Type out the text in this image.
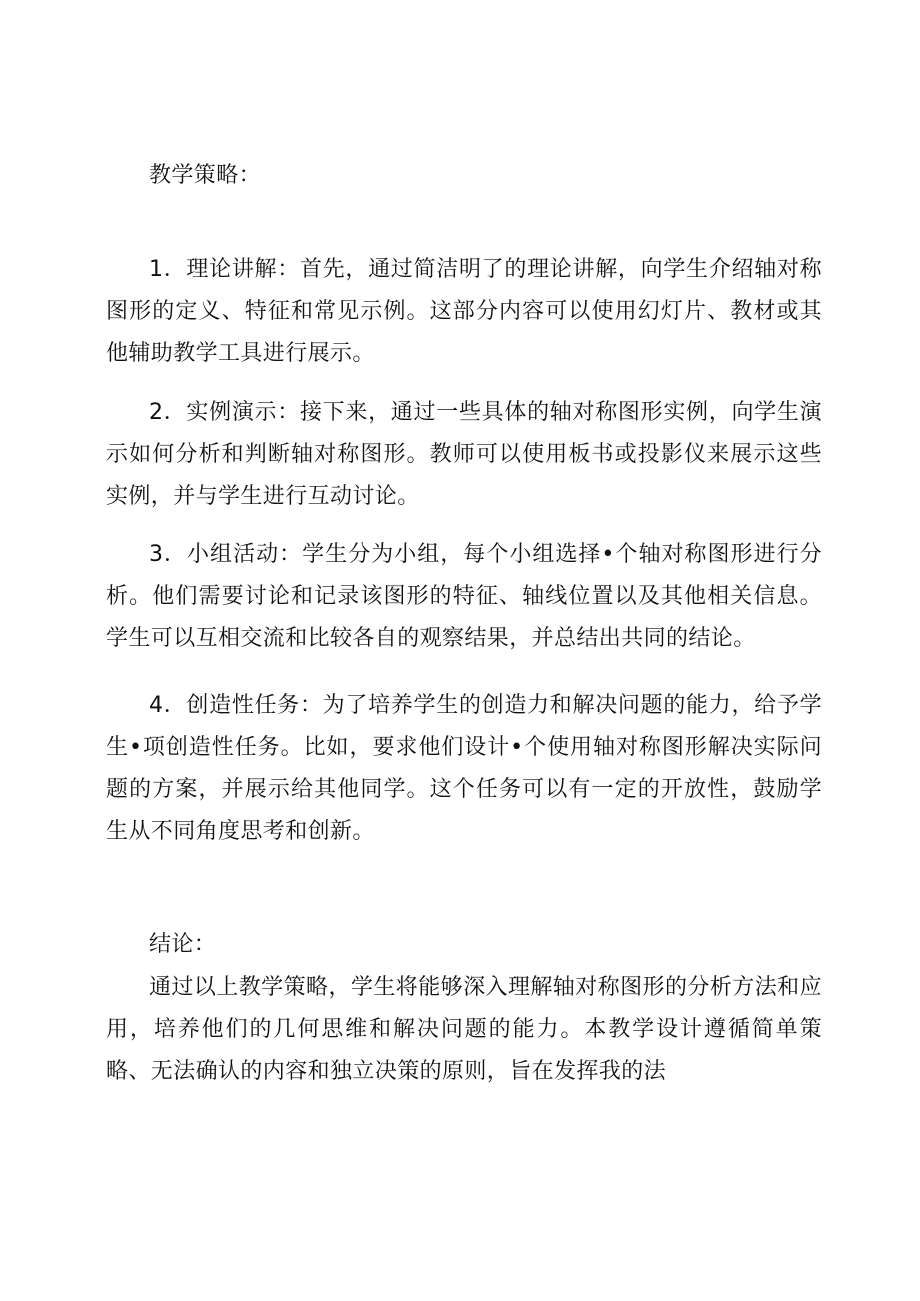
教学策略：

1．理论讲解：首先，通过简洁明了的理论讲解，向学生介绍轴对称图形的定义、特征和常见示例。这部分内容可以使用幻灯片、教材或其他辅助教学工具进行展示。

2．实例演示：接下来，通过一些具体的轴对称图形实例，向学生演示如何分析和判断轴对称图形。教师可以使用板书或投影仪来展示这些实例，并与学生进行互动讨论。

3．小组活动：学生分为小组，每个小组选择•个轴对称图形进行分析。他们需要讨论和记录该图形的特征、轴线位置以及其他相关信息。学生可以互相交流和比较各自的观察结果，并总结出共同的结论。

4．创造性任务：为了培养学生的创造力和解决问题的能力，给予学生•项创造性任务。比如，要求他们设计•个使用轴对称图形解决实际问题的方案，并展示给其他同学。这个任务可以有一定的开放性，鼓励学生从不同角度思考和创新。

结论：

通过以上教学策略，学生将能够深入理解轴对称图形的分析方法和应用，培养他们的几何思维和解决问题的能力。本教学设计遵循简单策略、无法确认的内容和独立决策的原则，旨在发挥我的法
